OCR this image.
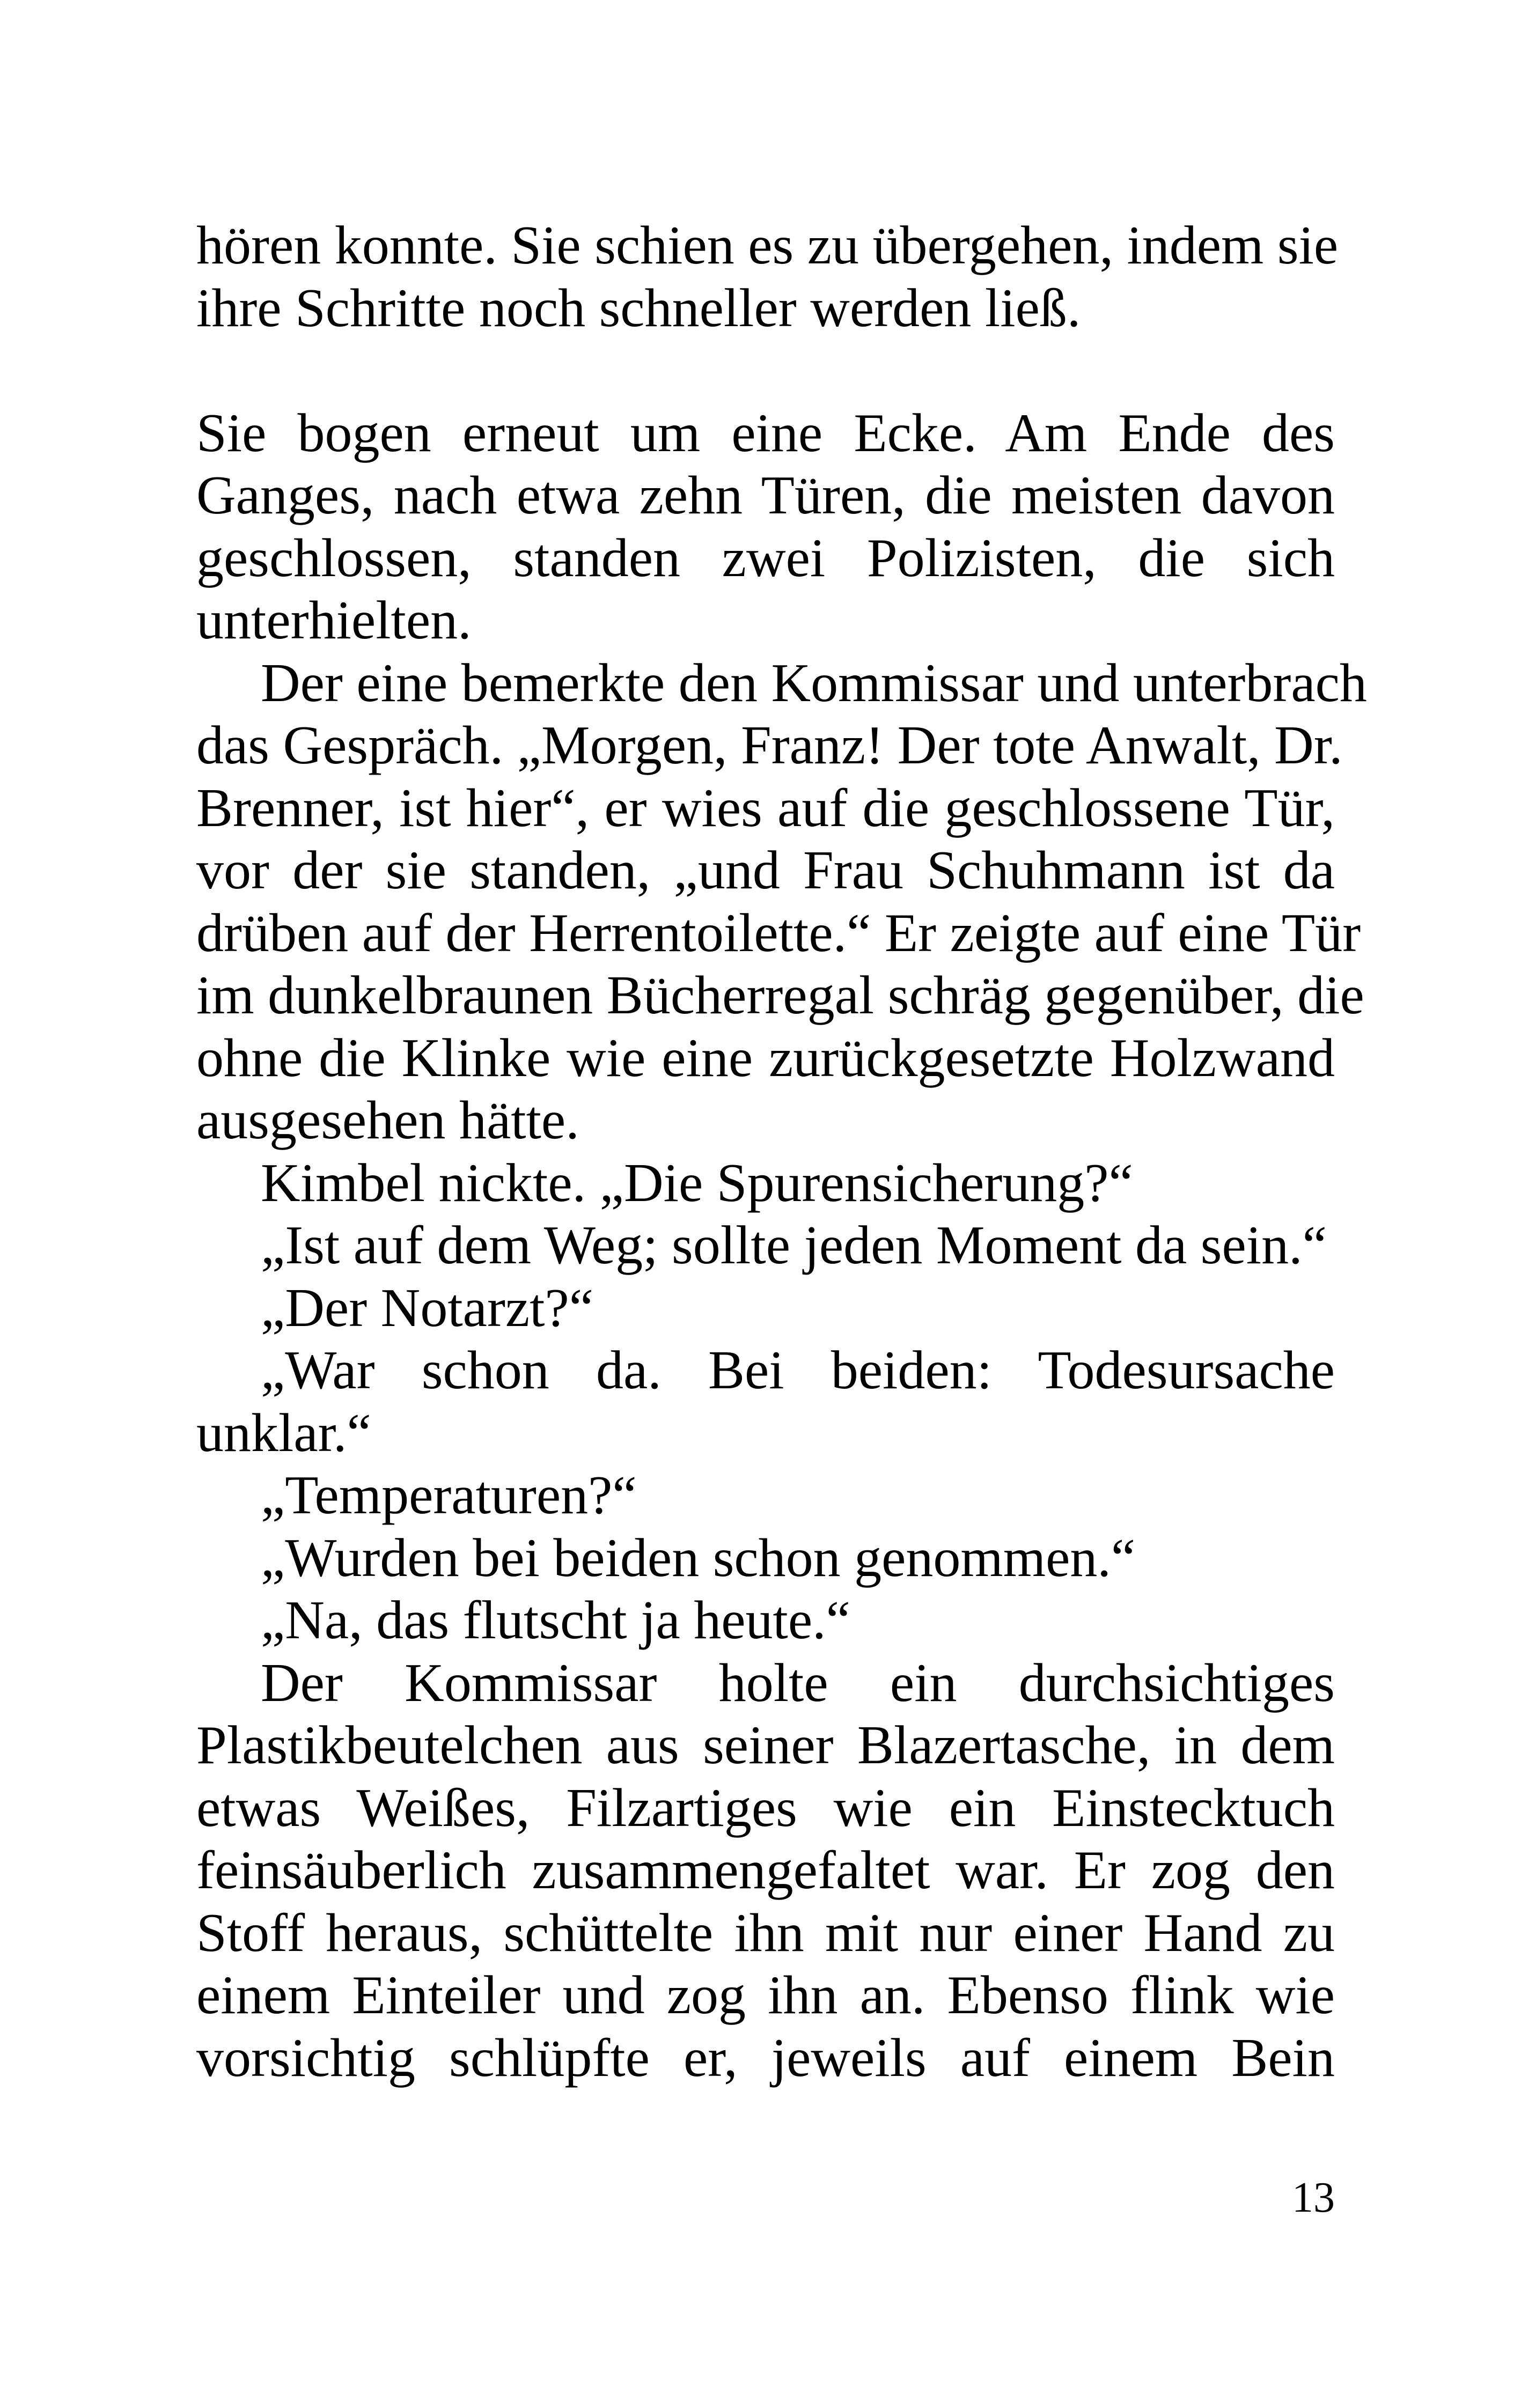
hören konnte. Sie schien es zu übergehen, indem sie
ihre Schritte noch schneller werden ließ.
Sie bogen erneut um eine Ecke. Am Ende des
Ganges, nach etwa zehn Türen, die meisten davon
geschlossen, standen zwei Polizisten, die sich
unterhielten.
Der eine bemerkte den Kommissar und unterbrach
das Gespräch. „Morgen, Franz! Der tote Anwalt, Dr.
Brenner, ist hier“, er wies auf die geschlossene Tür,
vor der sie standen, „und Frau Schuhmann ist da
drüben auf der Herrentoilette.“ Er zeigte auf eine Tür
im dunkelbraunen Bücherregal schräg gegenüber, die
ohne die Klinke wie eine zurückgesetzte Holzwand
ausgesehen hätte.
Kimbel nickte. „Die Spurensicherung?“
„Ist auf dem Weg; sollte jeden Moment da sein.“
„Der Notarzt?“
„War schon da. Bei beiden: Todesursache
unklar.“
„Temperaturen?“
„Wurden bei beiden schon genommen.“
„Na, das flutscht ja heute.“
Der Kommissar holte ein durchsichtiges
Plastikbeutelchen aus seiner Blazertasche, in dem
etwas Weißes, Filzartiges wie ein Einstecktuch
feinsäuberlich zusammengefaltet war. Er zog den
Stoff heraus, schüttelte ihn mit nur einer Hand zu
einem Einteiler und zog ihn an. Ebenso flink wie
vorsichtig schlüpfte er, jeweils auf einem Bein
13
